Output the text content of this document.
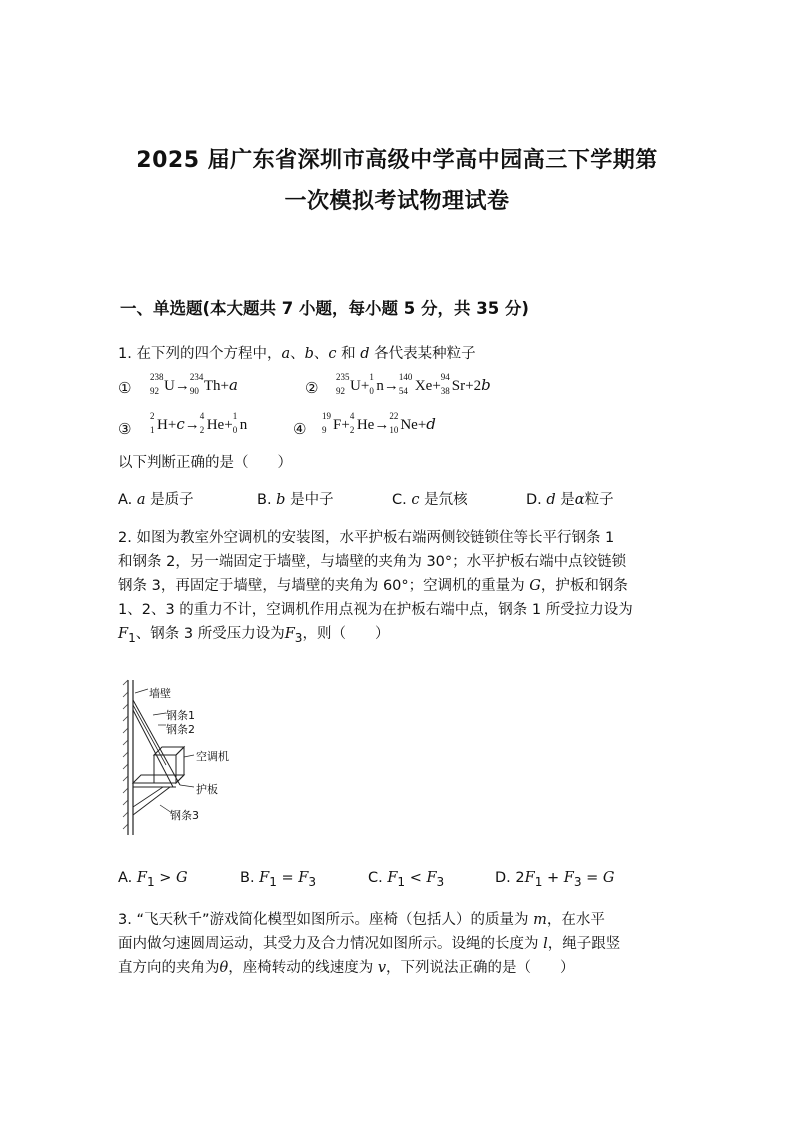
2025 届广东省深圳市高级中学高中园高三下学期第
一次模拟考试物理试卷
一、单选题(本大题共 7 小题，每小题 5 分，共 35 分)
1. 在下列的四个方程中，a、b、c 和 d 各代表某种粒子
①
238
92 U→
234
90 Th+a	②
235
92 U+
1
0 n→
140
54 Xe+
94
38 Sr+2b
③
2
1 H+c→
4
2 He+
1
0 n	④
19
9 F+
4
2 He→
22
10 Ne+d
以下判断正确的是（　　）
A. a 是质子	B. b 是中子	C. c 是氘核	D. d 是α粒子
2. 如图为教室外空调机的安装图，水平护板右端两侧铰链锁住等长平行钢条 1
和钢条 2，另一端固定于墙壁，与墙壁的夹角为 30°；水平护板右端中点铰链锁
钢条 3，再固定于墙壁，与墙壁的夹角为 60°；空调机的重量为 G，护板和钢条
1、2、3 的重力不计，空调机作用点视为在护板右端中点，钢条 1 所受拉力设为
$F_1$、钢条 3 所受压力设为$F_3$，则（　　）
墙壁
钢条1
钢条2
空调机
护板
钢条3
A. $F_1 > G$	B. $F_1 = F_3$	C. $F_1 < F_3$	D. $2F_1 + F_3 = G$
3. “飞天秋千”游戏简化模型如图所示。座椅（包括人）的质量为 m，在水平
面内做匀速圆周运动，其受力及合力情况如图所示。设绳的长度为 l，绳子跟竖
直方向的夹角为θ，座椅转动的线速度为 v，下列说法正确的是（　　）
